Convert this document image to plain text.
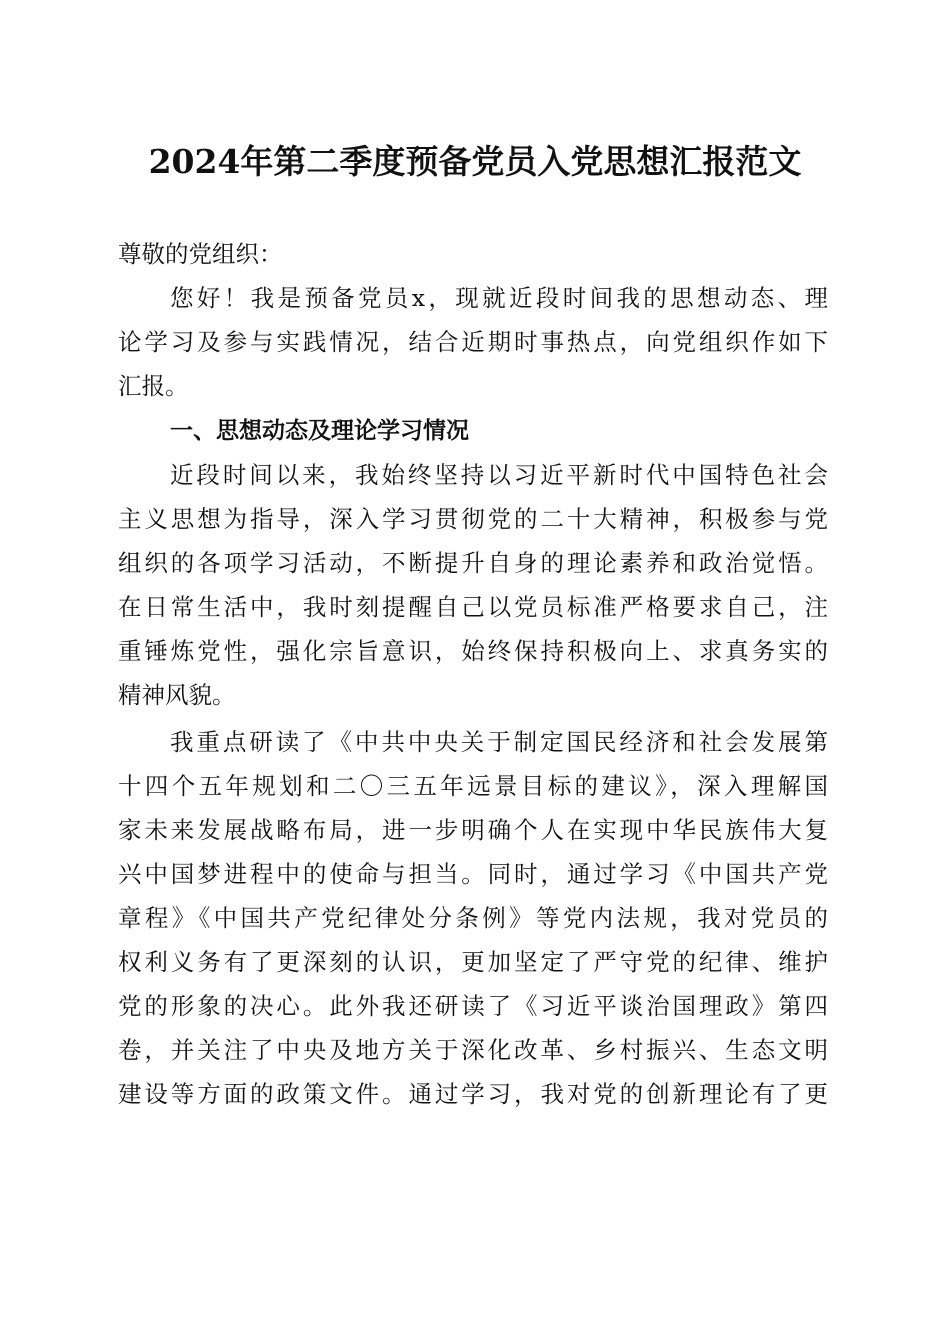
2024年第二季度预备党员入党思想汇报范文
尊敬的党组织：
您好！我是预备党员x，现就近段时间我的思想动态、理
论学习及参与实践情况，结合近期时事热点，向党组织作如下
汇报。
一、思想动态及理论学习情况
近段时间以来，我始终坚持以习近平新时代中国特色社会
主义思想为指导，深入学习贯彻党的二十大精神，积极参与党
组织的各项学习活动，不断提升自身的理论素养和政治觉悟。
在日常生活中，我时刻提醒自己以党员标准严格要求自己，注
重锤炼党性，强化宗旨意识，始终保持积极向上、求真务实的
精神风貌。
我重点研读了《中共中央关于制定国民经济和社会发展第
十四个五年规划和二〇三五年远景目标的建议》，深入理解国
家未来发展战略布局，进一步明确个人在实现中华民族伟大复
兴中国梦进程中的使命与担当。同时，通过学习《中国共产党
章程》《中国共产党纪律处分条例》等党内法规，我对党员的
权利义务有了更深刻的认识，更加坚定了严守党的纪律、维护
党的形象的决心。此外我还研读了《习近平谈治国理政》第四
卷，并关注了中央及地方关于深化改革、乡村振兴、生态文明
建设等方面的政策文件。通过学习，我对党的创新理论有了更
